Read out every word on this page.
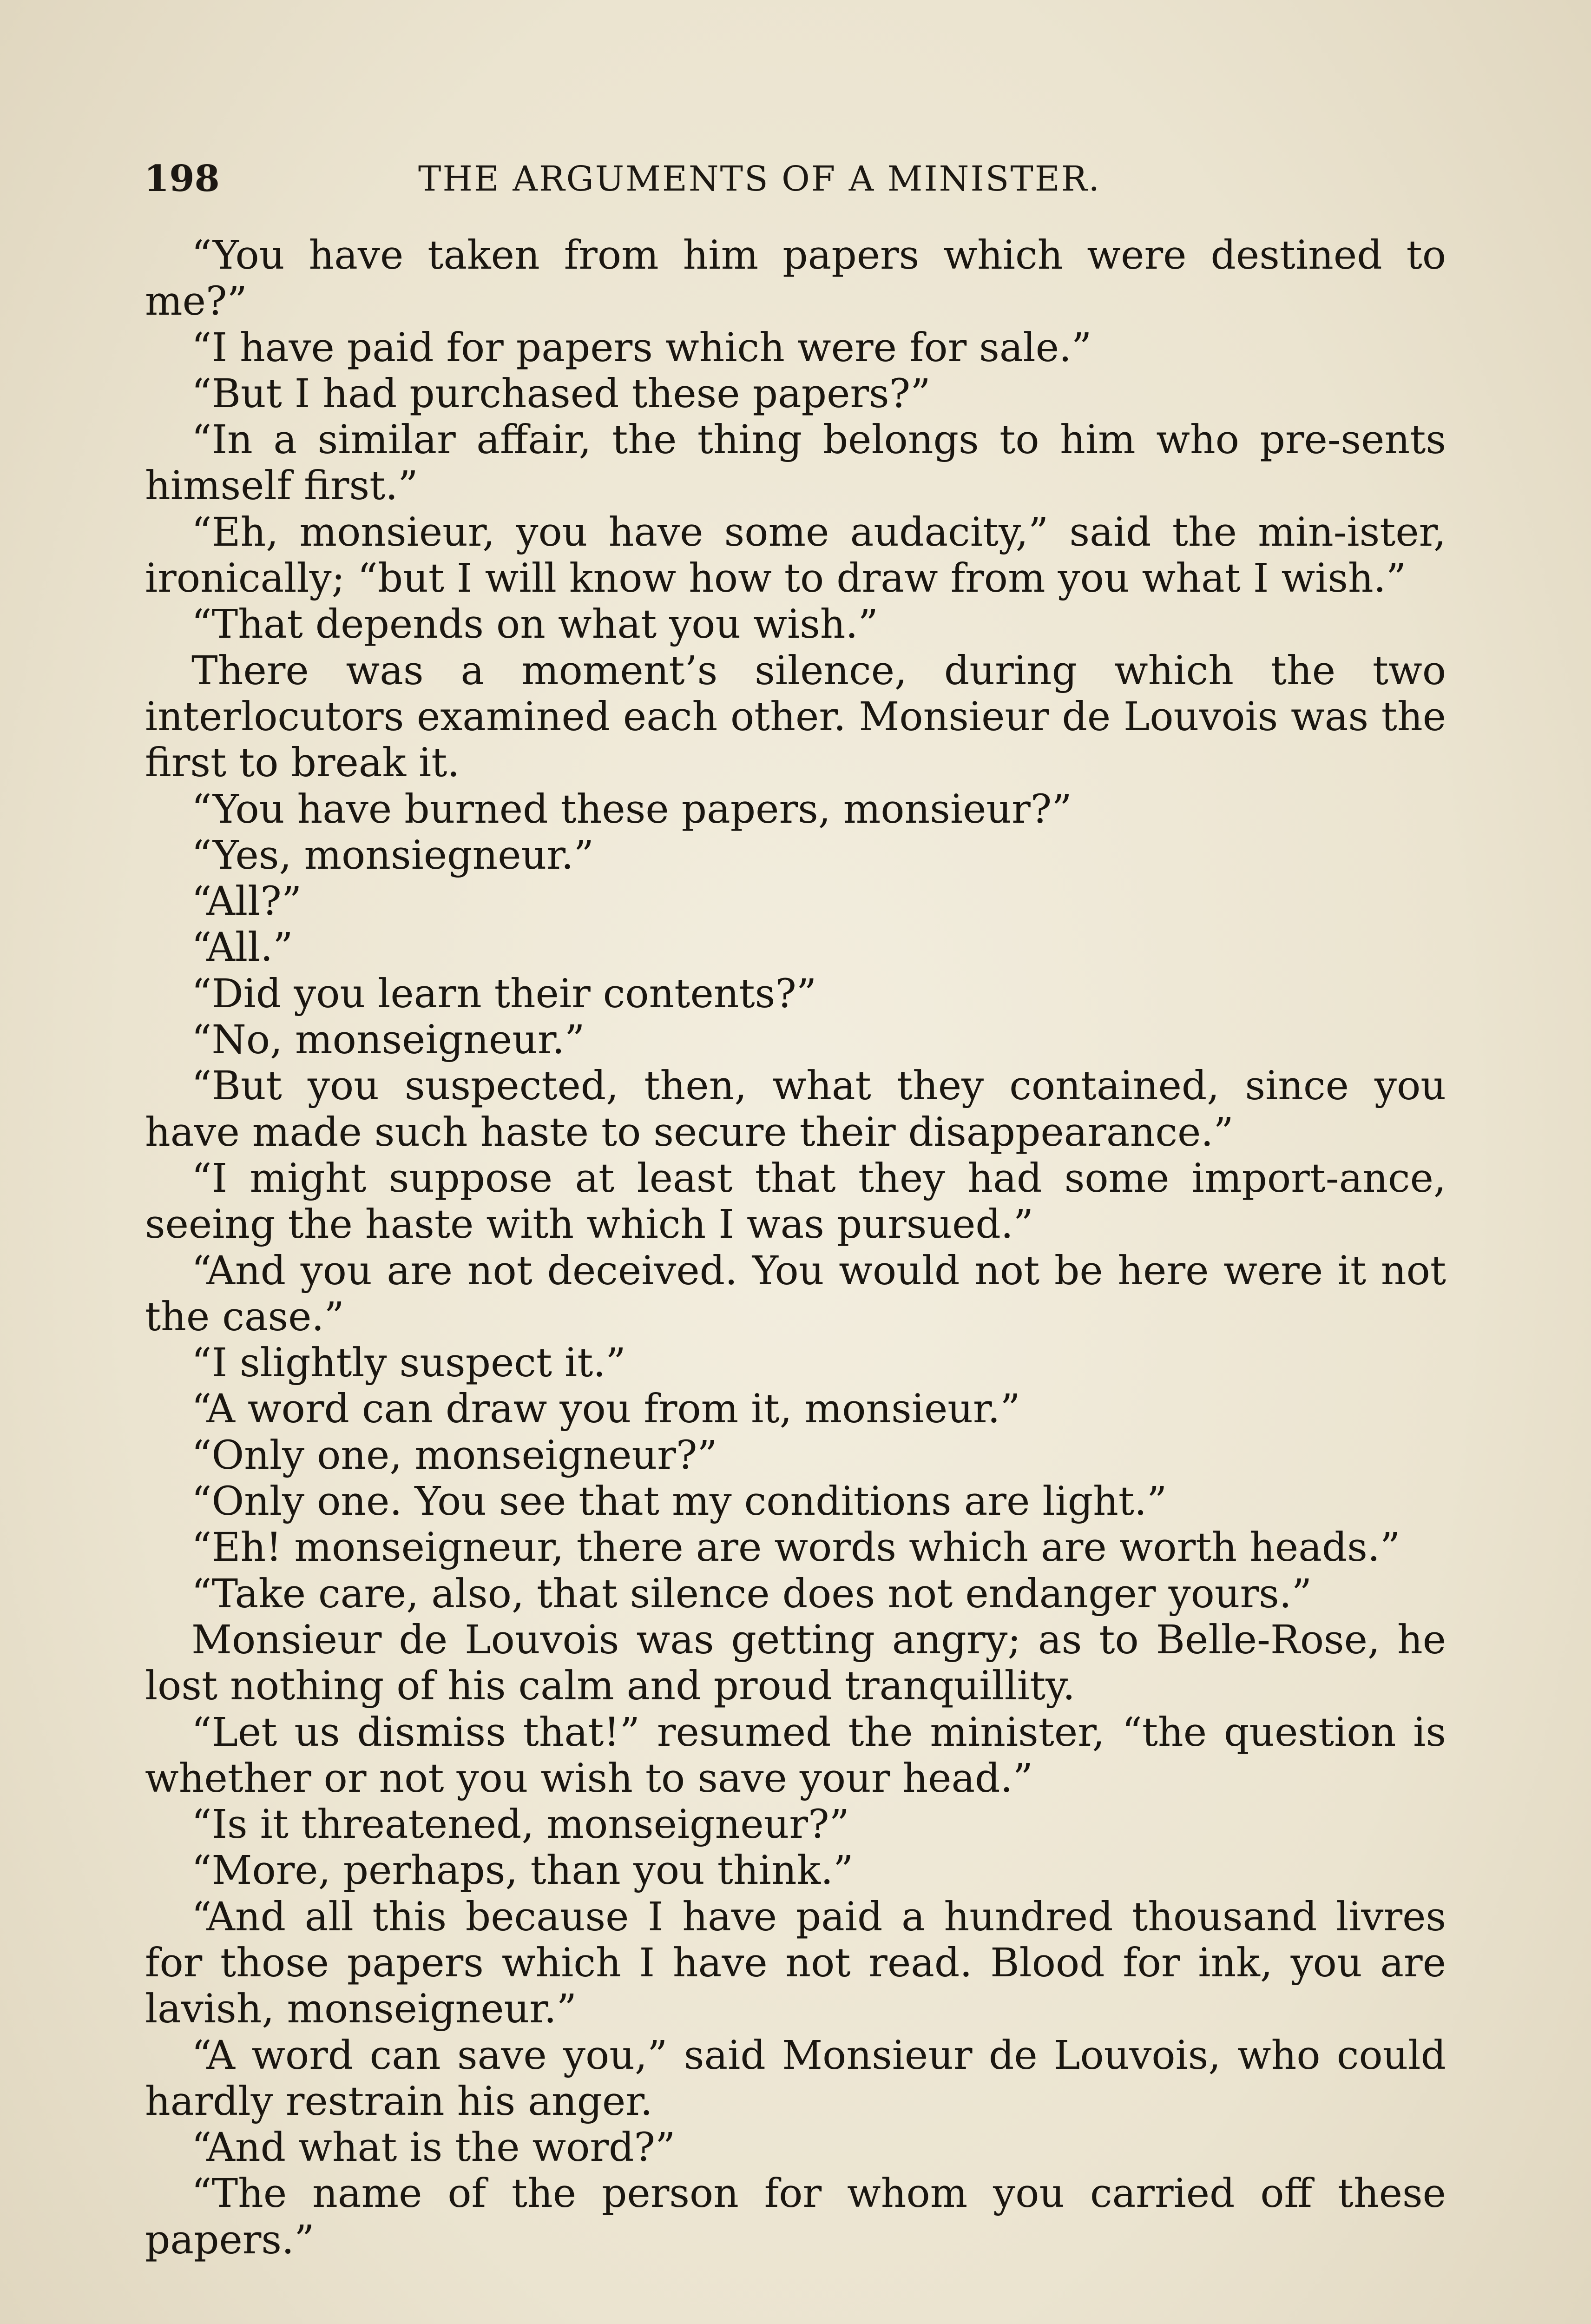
198	THE ARGUMENTS OF A MINISTER.

“You have taken from him papers which were destined to me?”

“I have paid for papers which were for sale.”

“But I had purchased these papers?”

“In a similar affair, the thing belongs to him who pre-sents himself first.”

“Eh, monsieur, you have some audacity,” said the min-ister, ironically; “but I will know how to draw from you what I wish.”

“That depends on what you wish.”

There was a moment’s silence, during which the two interlocutors examined each other. Monsieur de Louvois was the first to break it.

“You have burned these papers, monsieur?”

“Yes, monsiegneur.”

“All?”

“All.”

“Did you learn their contents?”

“No, monseigneur.”

“But you suspected, then, what they contained, since you have made such haste to secure their disappearance.”

“I might suppose at least that they had some import-ance, seeing the haste with which I was pursued.”

“And you are not deceived. You would not be here were it not the case.”

“I slightly suspect it.”

“A word can draw you from it, monsieur.”

“Only one, monseigneur?”

“Only one. You see that my conditions are light.”

“Eh! monseigneur, there are words which are worth heads.”

“Take care, also, that silence does not endanger yours.”

Monsieur de Louvois was getting angry; as to Belle-Rose, he lost nothing of his calm and proud tranquillity.

“Let us dismiss that!” resumed the minister, “the question is whether or not you wish to save your head.”

“Is it threatened, monseigneur?”

“More, perhaps, than you think.”

“And all this because I have paid a hundred thousand livres for those papers which I have not read. Blood for ink, you are lavish, monseigneur.”

“A word can save you,” said Monsieur de Louvois, who could hardly restrain his anger.

“And what is the word?”

“The name of the person for whom you carried off these papers.”
